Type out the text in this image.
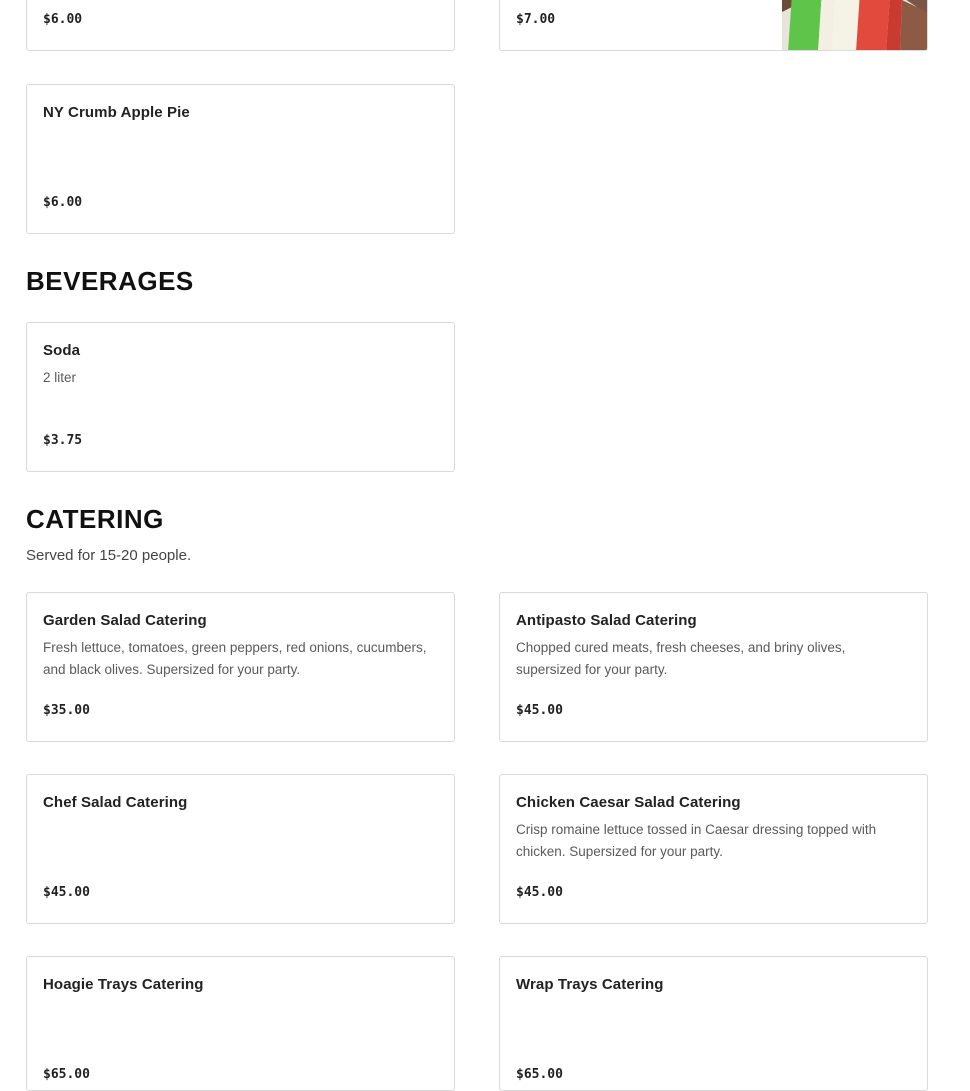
$6.00	$7.00
NY Crumb Apple Pie
$6.00
BEVERAGES
Soda
2 liter
$3.75
CATERING

Served for 15-20 people.

Garden Salad Catering
Fresh lettuce, tomatoes, green peppers, red onions, cucumbers, and black olives. Supersized for your party.
$35.00
Antipasto Salad Catering
Chopped cured meats, fresh cheeses, and briny olives, supersized for your party.
$45.00
Chef Salad Catering
$45.00
Chicken Caesar Salad Catering
Crisp romaine lettuce tossed in Caesar dressing topped with chicken. Supersized for your party.
$45.00
Hoagie Trays Catering
$65.00
Wrap Trays Catering
$65.00
